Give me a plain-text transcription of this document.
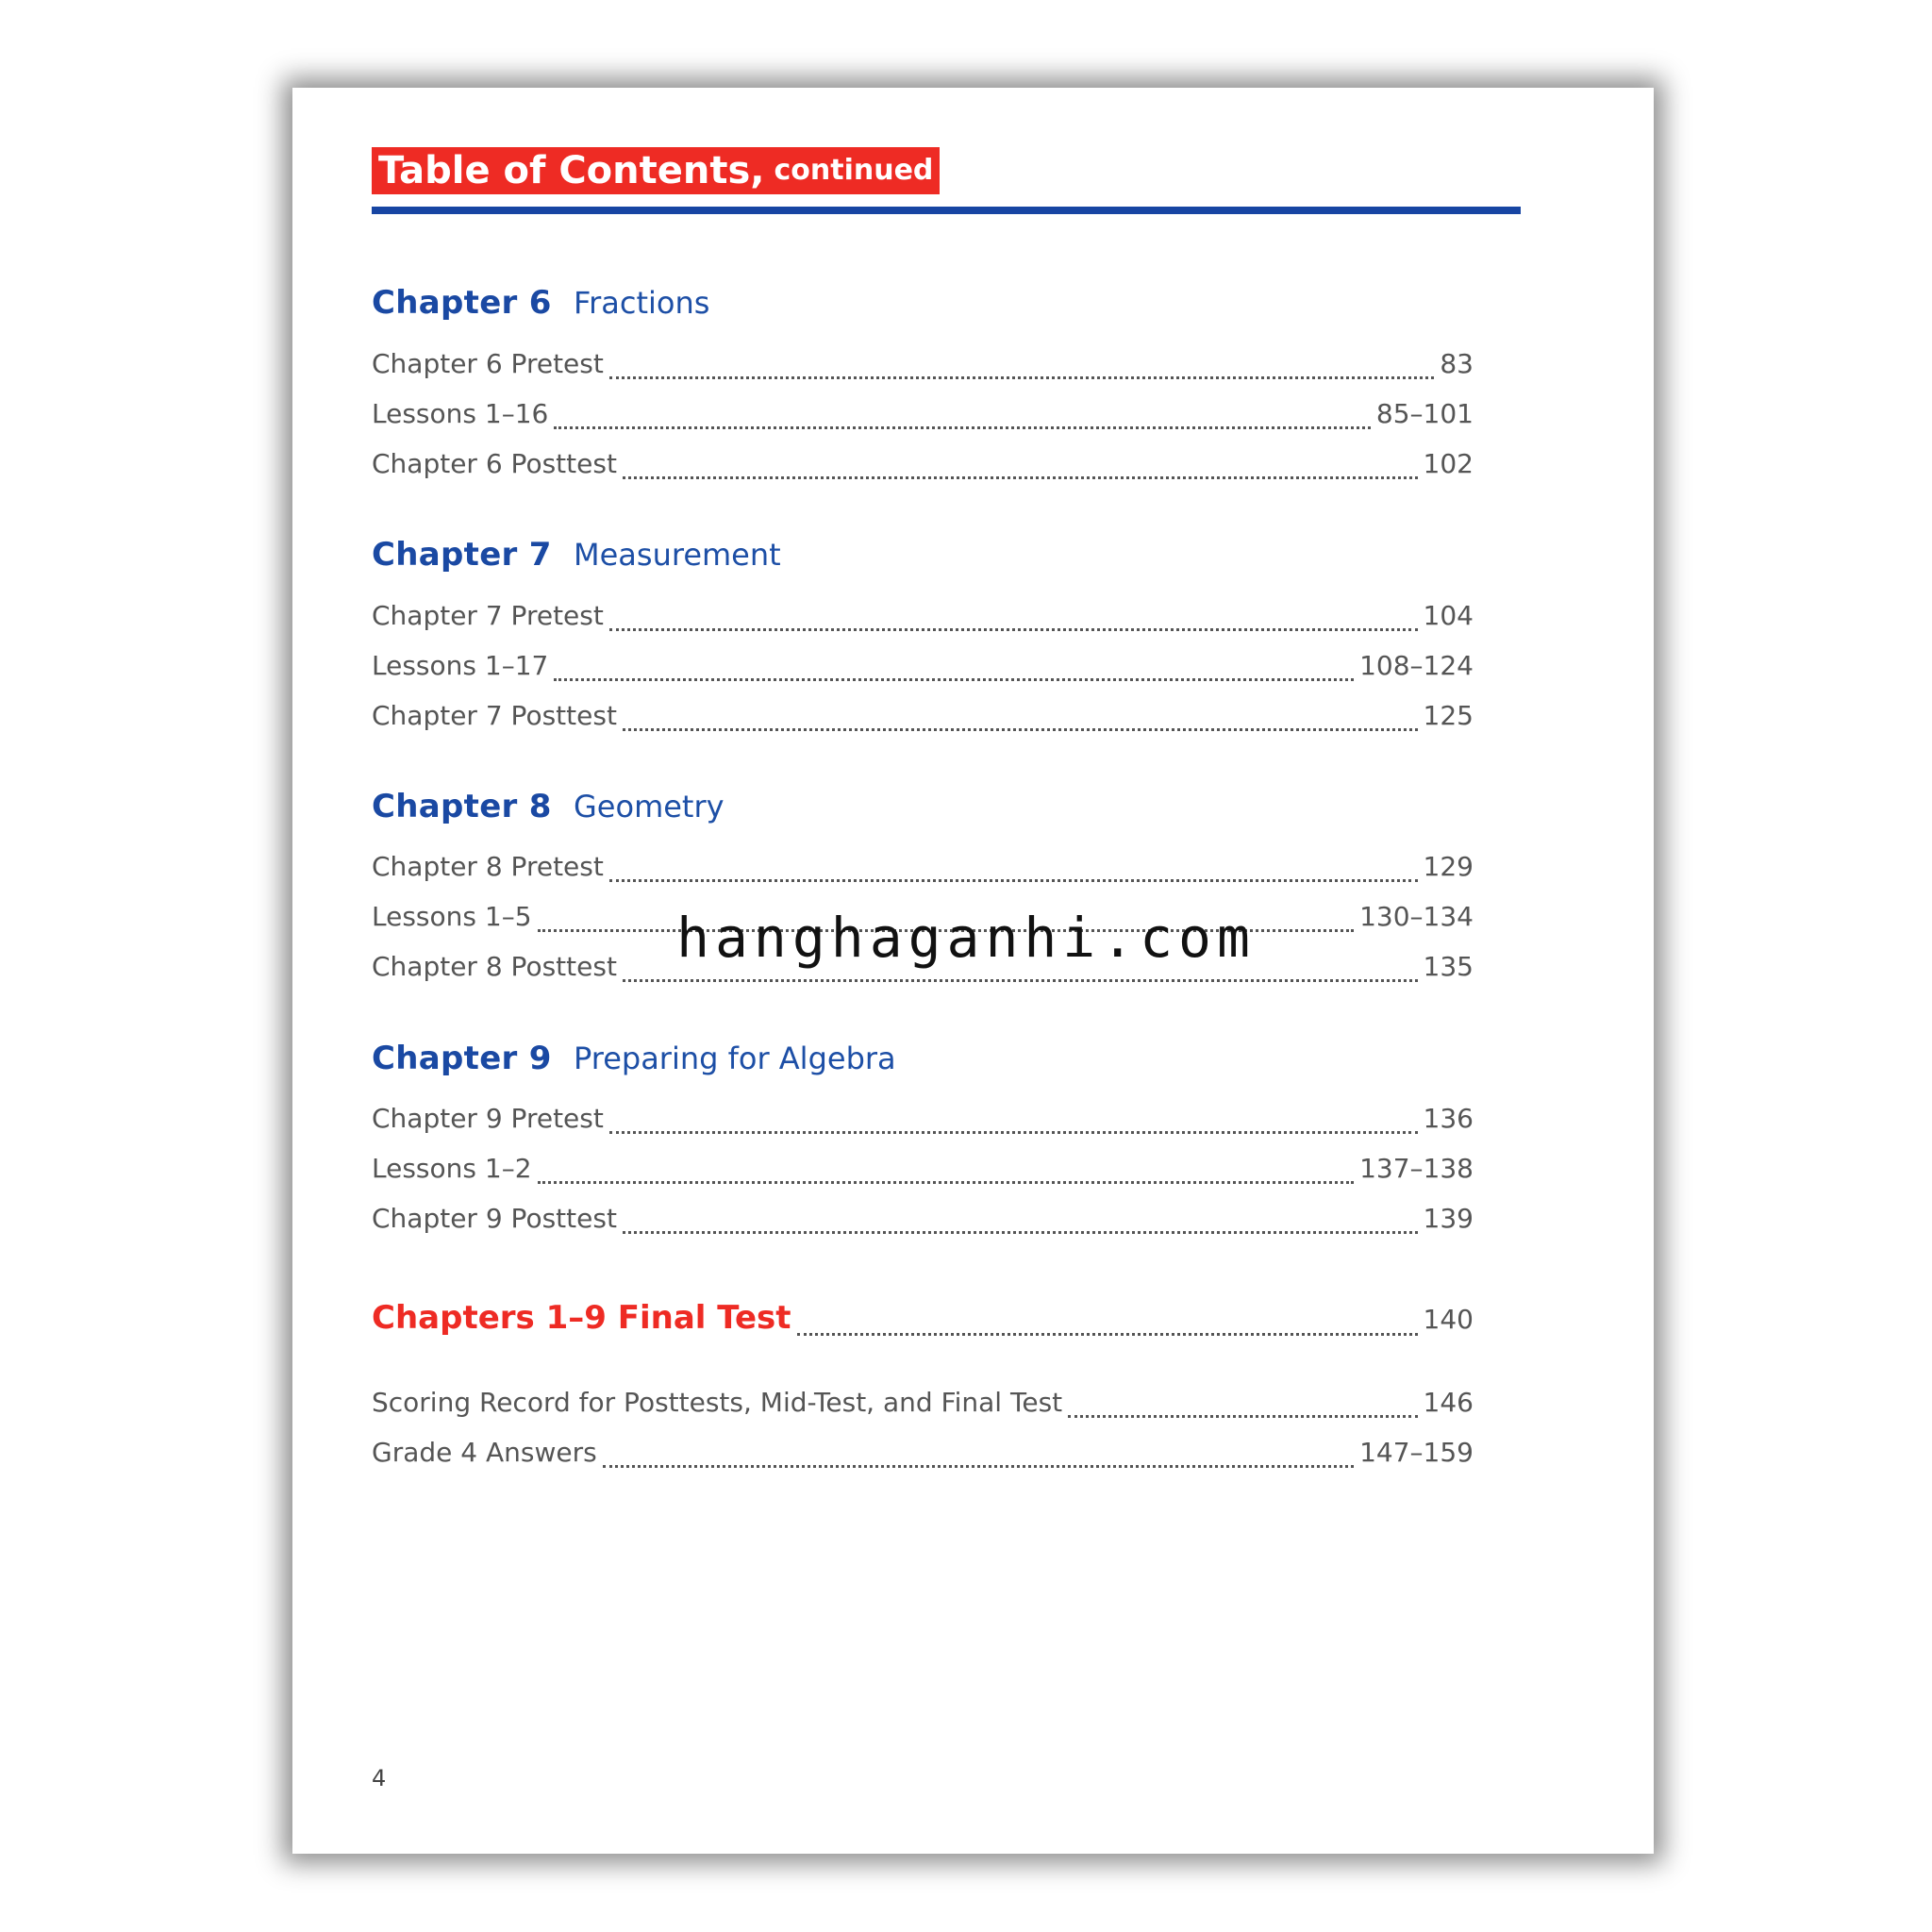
Table of Contents, continued
Chapter 6 Fractions
Chapter 6 Pretest	83
Lessons 1–16	85–101
Chapter 6 Posttest	102
Chapter 7 Measurement
Chapter 7 Pretest	104
Lessons 1–17	108–124
Chapter 7 Posttest	125
Chapter 8 Geometry
Chapter 8 Pretest	129
Lessons 1–5	130–134
Chapter 8 Posttest	135
Chapter 9 Preparing for Algebra
Chapter 9 Pretest	136
Lessons 1–2	137–138
Chapter 9 Posttest	139
Chapters 1–9 Final Test	140
Scoring Record for Posttests, Mid-Test, and Final Test	146
Grade 4 Answers	147–159
4
hanghaganhi.com
